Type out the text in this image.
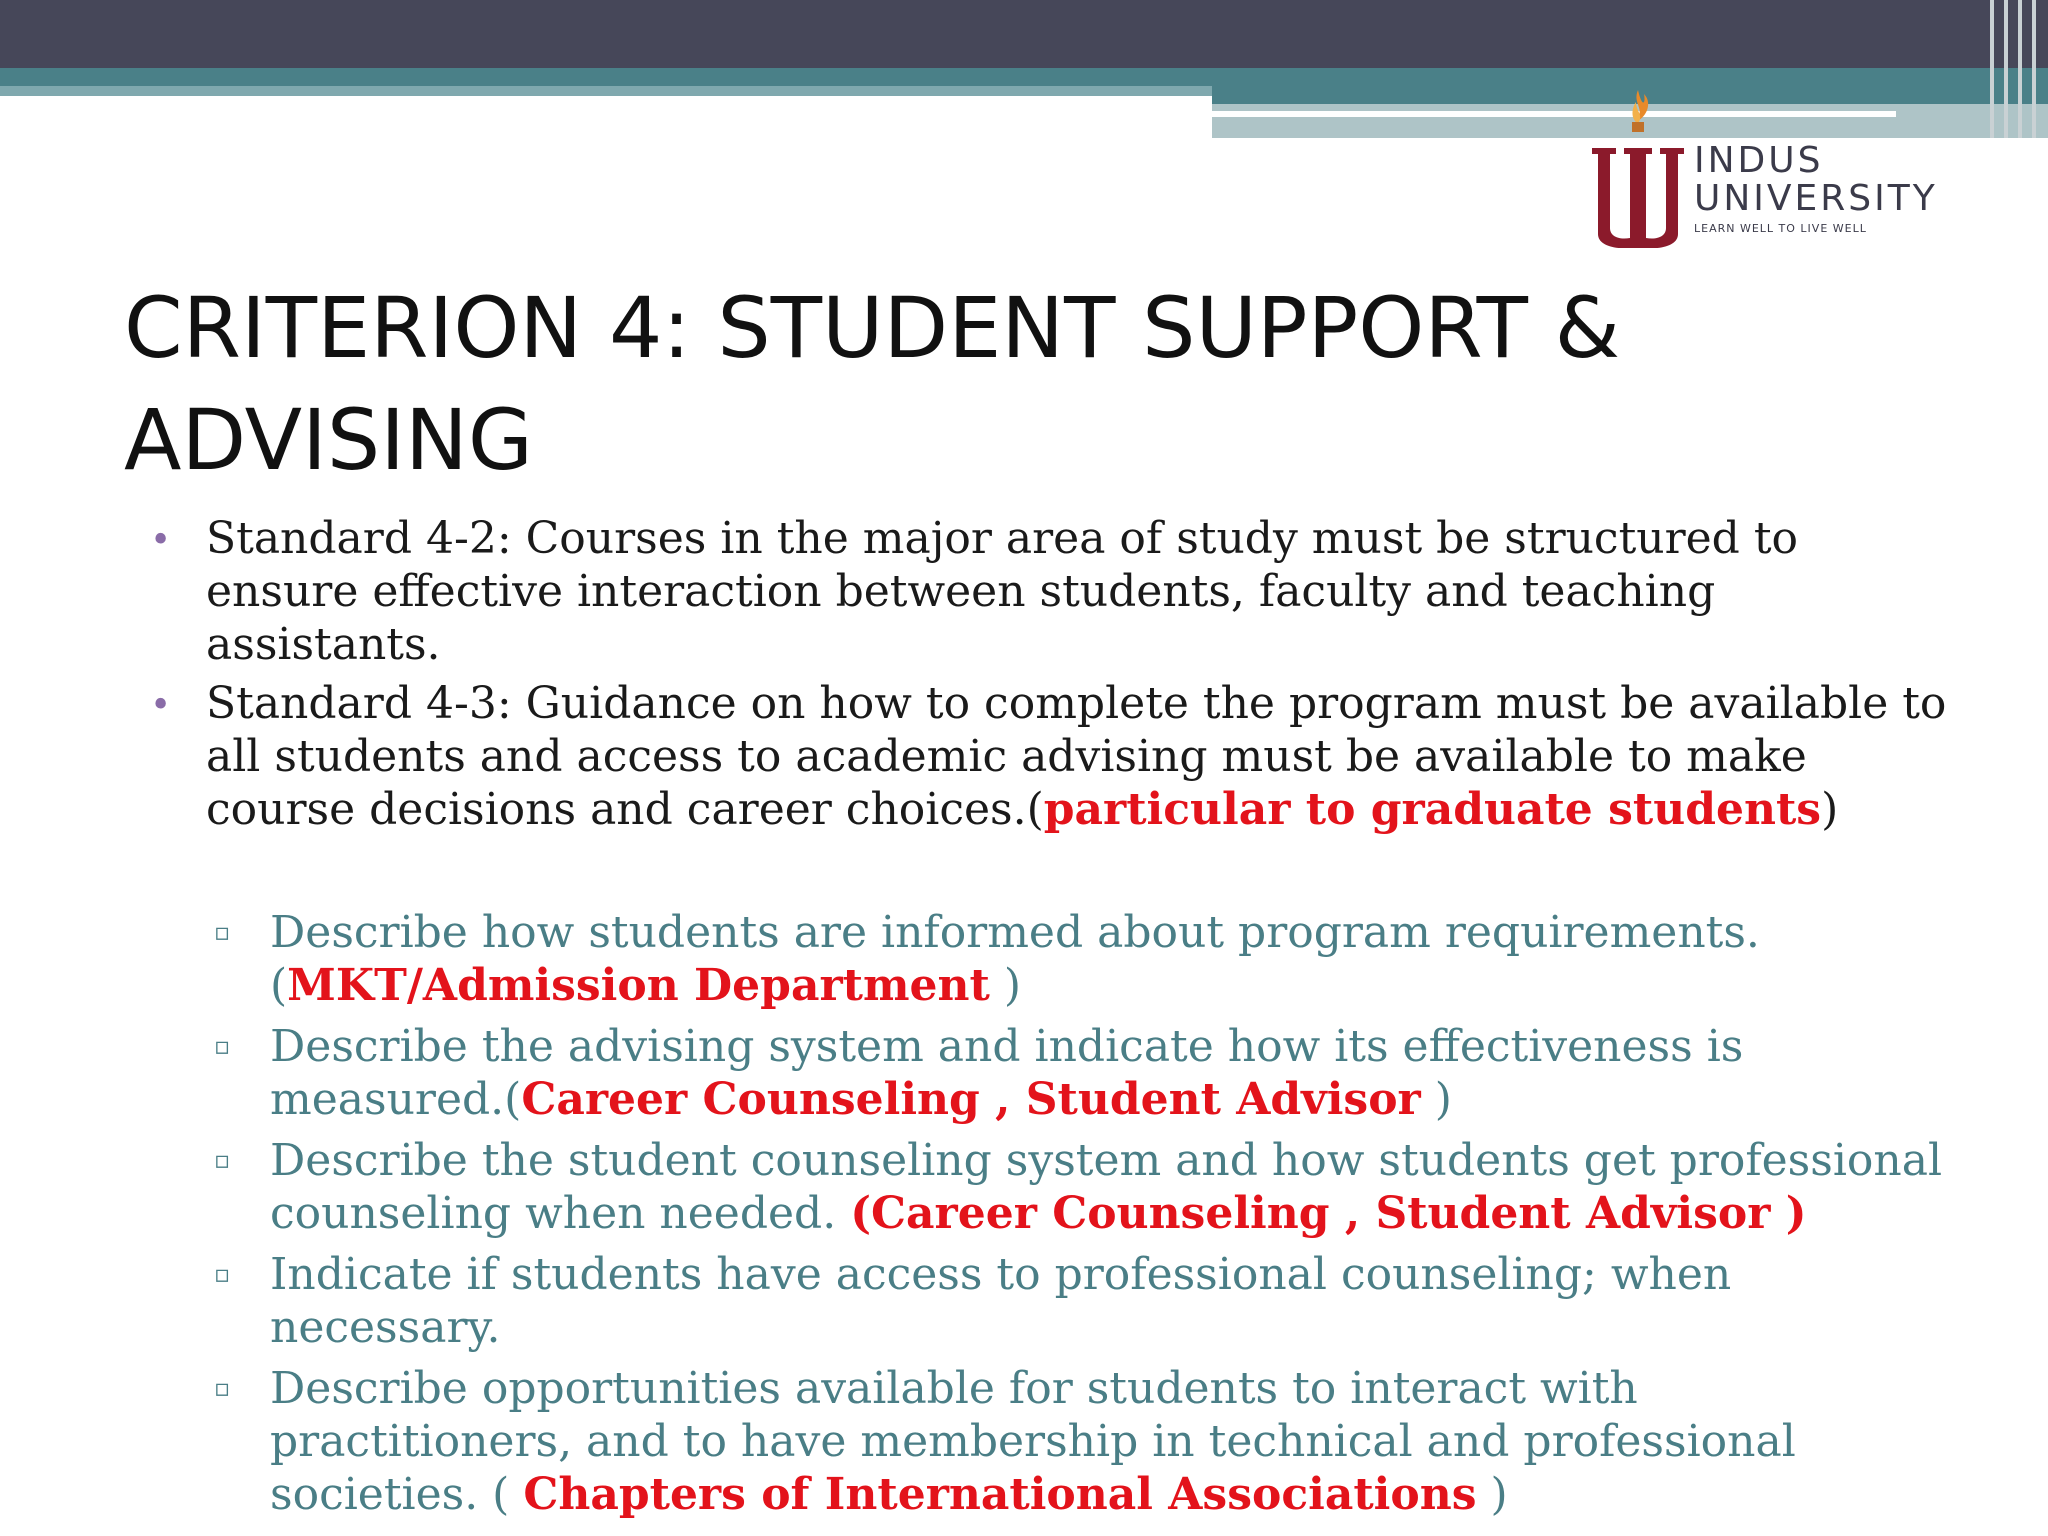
INDUS
UNIVERSITY
LEARN WELL TO LIVE WELL
CRITERION 4: STUDENT SUPPORT &
ADVISING

• Standard 4-2: Courses in the major area of study must be structured to ensure effective interaction between students, faculty and teaching assistants.

• Standard 4-3: Guidance on how to complete the program must be available to all students and access to academic advising must be available to make course decisions and career choices.(particular to graduate students)

▫ Describe how students are informed about program requirements.(MKT/Admission Department )

▫ Describe the advising system and indicate how its effectiveness is measured.(Career Counseling , Student Advisor )

▫ Describe the student counseling system and how students get professional counseling when needed. (Career Counseling , Student Advisor )

▫ Indicate if students have access to professional counseling; when necessary.

▫ Describe opportunities available for students to interact with practitioners, and to have membership in technical and professional societies. ( Chapters of International Associations )
